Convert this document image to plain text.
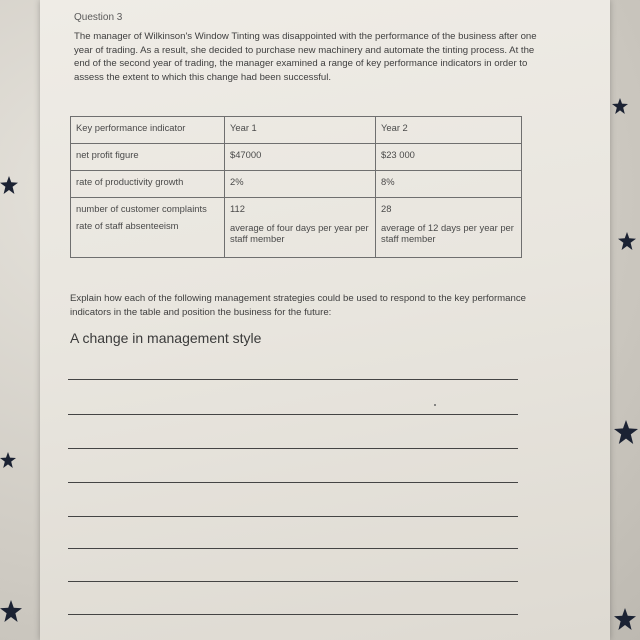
Question 3
The manager of Wilkinson's Window Tinting was disappointed with the performance of the business after one year of trading. As a result, she decided to purchase new machinery and automate the tinting process. At the end of the second year of trading, the manager examined a range of key performance indicators in order to assess the extent to which this change had been successful.
Key performance indicator	Year 1	Year 2
net profit figure	$47000	$23 000
rate of productivity growth	2%	8%
number of customer complaints	112	28
rate of staff absenteeism	average of four days per year per staff member	average of 12 days per year per staff member
Explain how each of the following management strategies could be used to respond to the key performance indicators in the table and position the business for the future:
A change in management style
